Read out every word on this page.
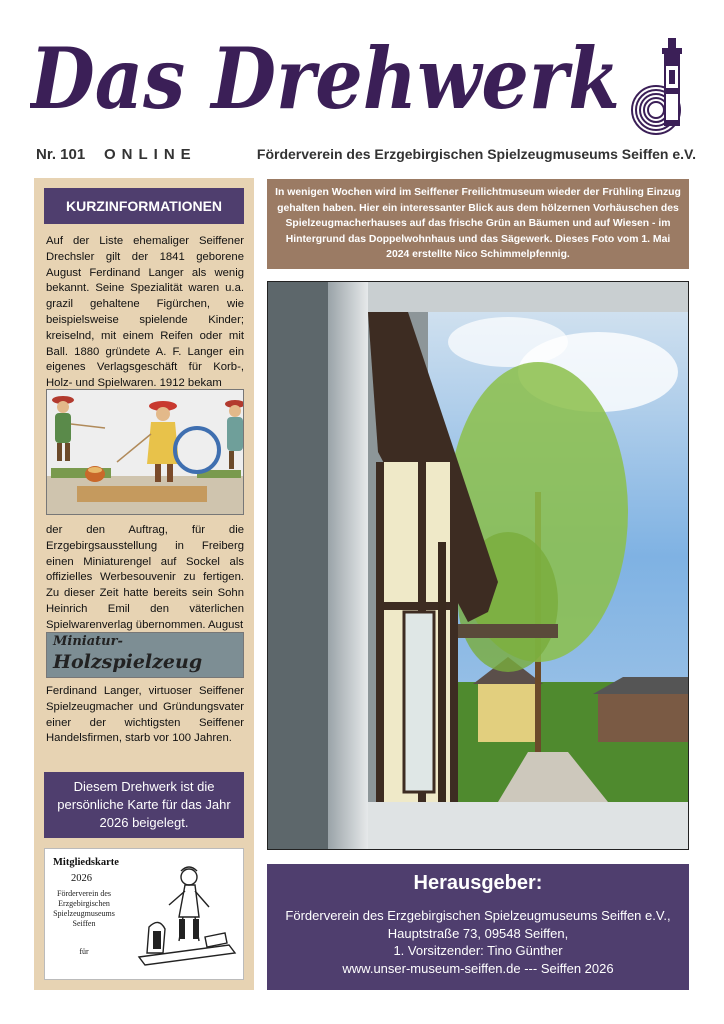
Das Drehwerk
Nr. 101 ONLINE	Förderverein des Erzgebirgischen Spielzeugmuseums Seiffen e.V.
KURZINFORMATIONEN

Auf der Liste ehemaliger Seiffener Drechsler gilt der 1841 geborene August Ferdinand Langer als wenig bekannt. Seine Spezialität waren u.a. grazil gehaltene Figürchen, wie beispielsweise spielende Kinder; kreiselnd, mit einem Reifen oder mit Ball. 1880 gründete A. F. Langer ein eigenes Verlagsgeschäft für Korb-, Holz- und Spielwaren. 1912 bekam

der den Auftrag, für die Erzgebirgsausstellung in Freiberg einen Miniaturengel auf Sockel als offizielles Werbesouvenir zu fertigen. Zu dieser Zeit hatte bereits sein Sohn Heinrich Emil den väterlichen Spielwarenverlag übernommen. August

Miniatur-
Holzspielzeug

Ferdinand Langer, virtuoser Seiffener Spielzeugmacher und Gründungsvater einer der wichtigsten Seiffener Handelsfirmen, starb vor 100 Jahren.

Diesem Drehwerk ist die persönliche Karte für das Jahr 2026 beigelegt.
Mitgliedskarte
2026

Förderverein des Erzgebirgischen Spielzeugmuseums Seiffen

für
In wenigen Wochen wird im Seiffener Freilichtmuseum wieder der Frühling Einzug gehalten haben. Hier ein interessanter Blick aus dem hölzernen Vorhäuschen des Spielzeugmacherhauses auf das frische Grün an Bäumen und auf Wiesen - im Hintergrund das Doppelwohnhaus und das Sägewerk. Dieses Foto vom 1. Mai 2024 erstellte Nico Schimmelpfennig.
Herausgeber:
Förderverein des Erzgebirgischen Spielzeugmuseums Seiffen e.V.,
Hauptstraße 73, 09548 Seiffen,
1. Vorsitzender: Tino Günther
www.unser-museum-seiffen.de --- Seiffen 2026
